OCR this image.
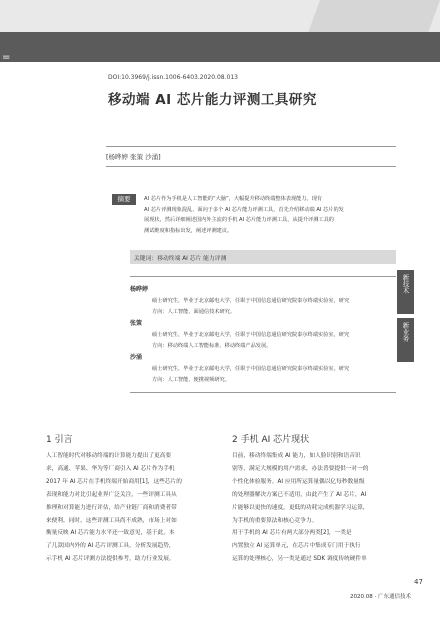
=
DOI:10.3969/j.issn.1006-6403.2020.08.013
移动端 AI 芯片能力评测工具研究
[杨晔婷 张策 沙涌]
摘要	AI 芯片作为手机是人工智能的“大脑”，大幅提升移动终端整体表现能力。现有
AI 芯片评测现象混乱，面向于多个 AI 芯片能力评测工具，首先介绍移动端 AI 芯片的发
展现状，然后详细阐述国内外主流的手机 AI 芯片能力评测工具，从提升评测工具的
测试维度和指标出发，阐述评测建议。
关键词：移动终端 AI 芯片 能力评测
杨晔婷
硕士研究生，毕业于北京邮电大学，任职于中国信息通信研究院泰尔终端实验室，研究
方向：人工智能、面通信技术研究。
张策
硕士研究生，毕业于北京邮电大学，任职于中国信息通信研究院泰尔终端实验室，研究
方向：移动终端人工智能标准、移动终端产品发展。
沙涌
硕士研究生，毕业于北京邮电大学，任职于中国信息通信研究院泰尔终端实验室，研究
方向：人工智能、便携视频研究。
新技术
新业务
1 引言
人工智能时代对移动终端的计算能力提出了更高要
求，高通、苹果、华为等厂商引入 AI 芯片作为手机
2017 年 AI 芯片在手机终端开始商用[1]，这些芯片的
表现和能力对比引起业界广泛关注，一些评测工具从
推理和对算能力进行评估，给产业链厂商和消费者带
来便利。同时，这些评测工具尚不成熟，市场上对如
衡量反映 AI 芯片能力水平还一致意见，基于此，本
了几款国内外的 AI 芯片评测工具，分析发展趋势，
示手机 AI 芯片评测方法提供参考，助力行业发展。
2 手机 AI 芯片现状
目前，移动终端集成 AI 能力，如人脸识别和语音识
别等，满足大规模的用户需求，办法普要提供一对一的
个性化体验服务。AI 应用所运算量偶以亿每秒数量级
的处理器解决方案已不适用，由此产生了 AI 芯片，AI
片能够以更快的速度，更低的功耗完成机器学习运算，
为手机的重要算法和核心竞争力。
用于手机的 AI 芯片有两大部分两类[2]，一类是
内置独立 AI 运算单元，在芯片中集成专门用于执行
运算的处理核心，另一类是通过 SDK 调度传统硬件单
47
2020.08 · 广东通信技术
